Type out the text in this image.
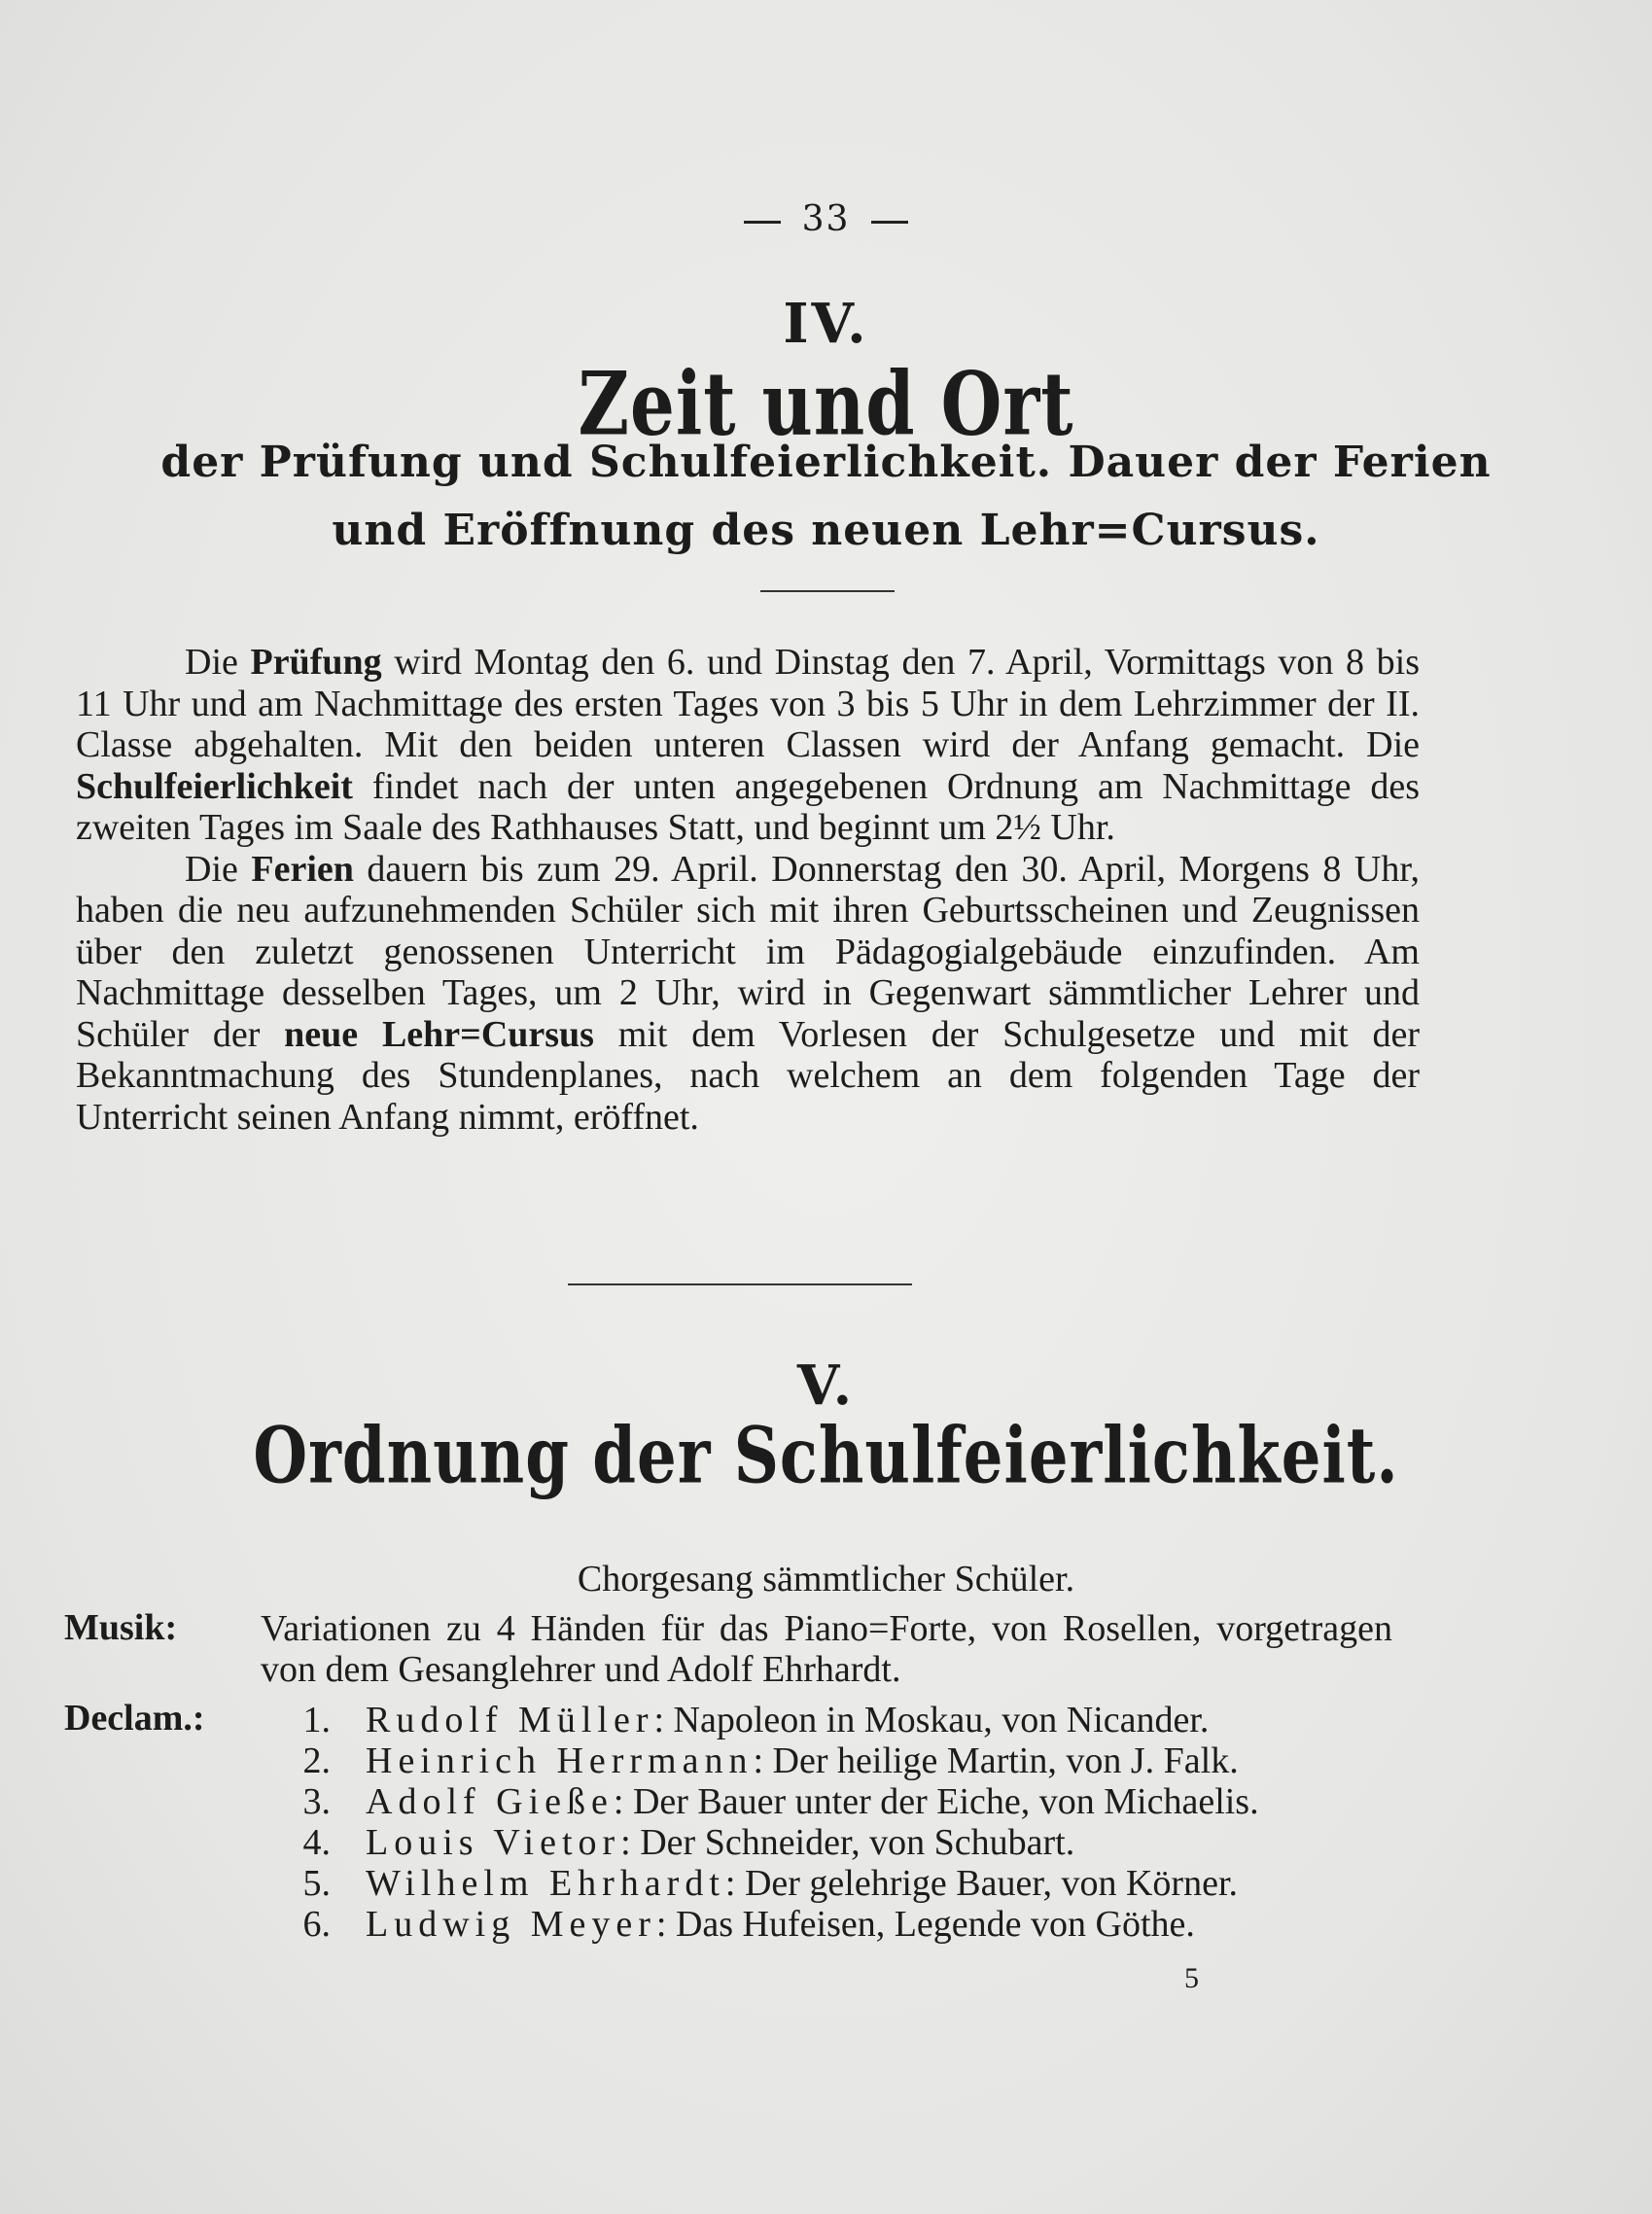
33
IV.
Zeit und Ort
der Prüfung und Schulfeierlichkeit. Dauer der Ferien
und Eröffnung des neuen Lehr=Cursus.

Die Prüfung wird Montag den 6. und Dinstag den 7. April, Vormittags von 8 bis 11 Uhr und am Nachmittage des ersten Tages von 3 bis 5 Uhr in dem Lehrzimmer der II. Classe abgehalten. Mit den beiden unteren Classen wird der Anfang gemacht. Die Schulfeierlichkeit findet nach der unten angegebenen Ordnung am Nachmittage des zweiten Tages im Saale des Rathhauses Statt, und beginnt um 2½ Uhr.

Die Ferien dauern bis zum 29. April. Donnerstag den 30. April, Morgens 8 Uhr, haben die neu aufzunehmenden Schüler sich mit ihren Geburtsscheinen und Zeugnissen über den zuletzt genossenen Unterricht im Pädagogialgebäude einzufinden. Am Nachmittage desselben Tages, um 2 Uhr, wird in Gegenwart sämmtlicher Lehrer und Schüler der neue Lehr=Cursus mit dem Vorlesen der Schulgesetze und mit der Bekanntmachung des Stundenplanes, nach welchem an dem folgenden Tage der Unterricht seinen Anfang nimmt, eröffnet.

V.
Ordnung der Schulfeierlichkeit.
Chorgesang sämmtlicher Schüler.
Musik: Variationen zu 4 Händen für das Piano=Forte, von Rosellen, vorgetragen von dem Gesanglehrer und Adolf Ehrhardt.
Declam.:	1. Rudolf Müller: Napoleon in Moskau, von Nicander.
2. Heinrich Herrmann: Der heilige Martin, von J. Falk.
3. Adolf Gieße: Der Bauer unter der Eiche, von Michaelis.
4. Louis Vietor: Der Schneider, von Schubart.
5. Wilhelm Ehrhardt: Der gelehrige Bauer, von Körner.
6. Ludwig Meyer: Das Hufeisen, Legende von Göthe.
5
